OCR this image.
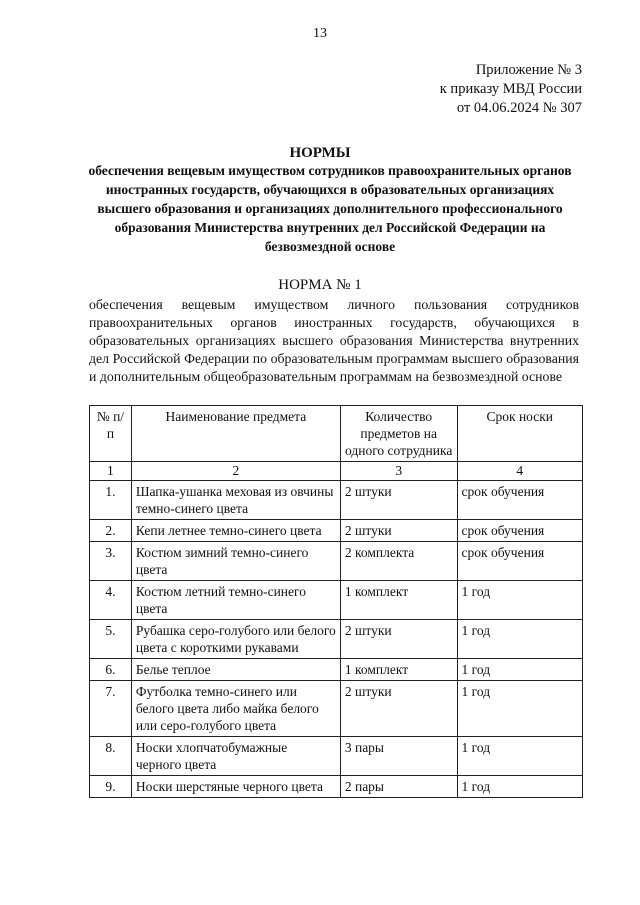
13
Приложение № 3
к приказу МВД России
от 04.06.2024 № 307
НОРМЫ
обеспечения вещевым имуществом сотрудников правоохранительных органов иностранных государств, обучающихся в образовательных организациях высшего образования и организациях дополнительного профессионального образования Министерства внутренних дел Российской Федерации на безвозмездной основе
НОРМА № 1
обеспечения вещевым имуществом личного пользования сотрудников правоохранительных органов иностранных государств, обучающихся в образовательных организациях высшего образования Министерства внутренних дел Российской Федерации по образовательным программам высшего образования и дополнительным общеобразовательным программам на безвозмездной основе
№ п/п	Наименование предмета	Количество предметов на одного сотрудника	Срок носки
1	2	3	4
1.	Шапка-ушанка меховая из овчины темно-синего цвета	2 штуки	срок обучения
2.	Кепи летнее темно-синего цвета	2 штуки	срок обучения
3.	Костюм зимний темно-синего цвета	2 комплекта	срок обучения
4.	Костюм летний темно-синего цвета	1 комплект	1 год
5.	Рубашка серо-голубого или белого цвета с короткими рукавами	2 штуки	1 год
6.	Белье теплое	1 комплект	1 год
7.	Футболка темно-синего или белого цвета либо майка белого или серо-голубого цвета	2 штуки	1 год
8.	Носки хлопчатобумажные черного цвета	3 пары	1 год
9.	Носки шерстяные черного цвета	2 пары	1 год
